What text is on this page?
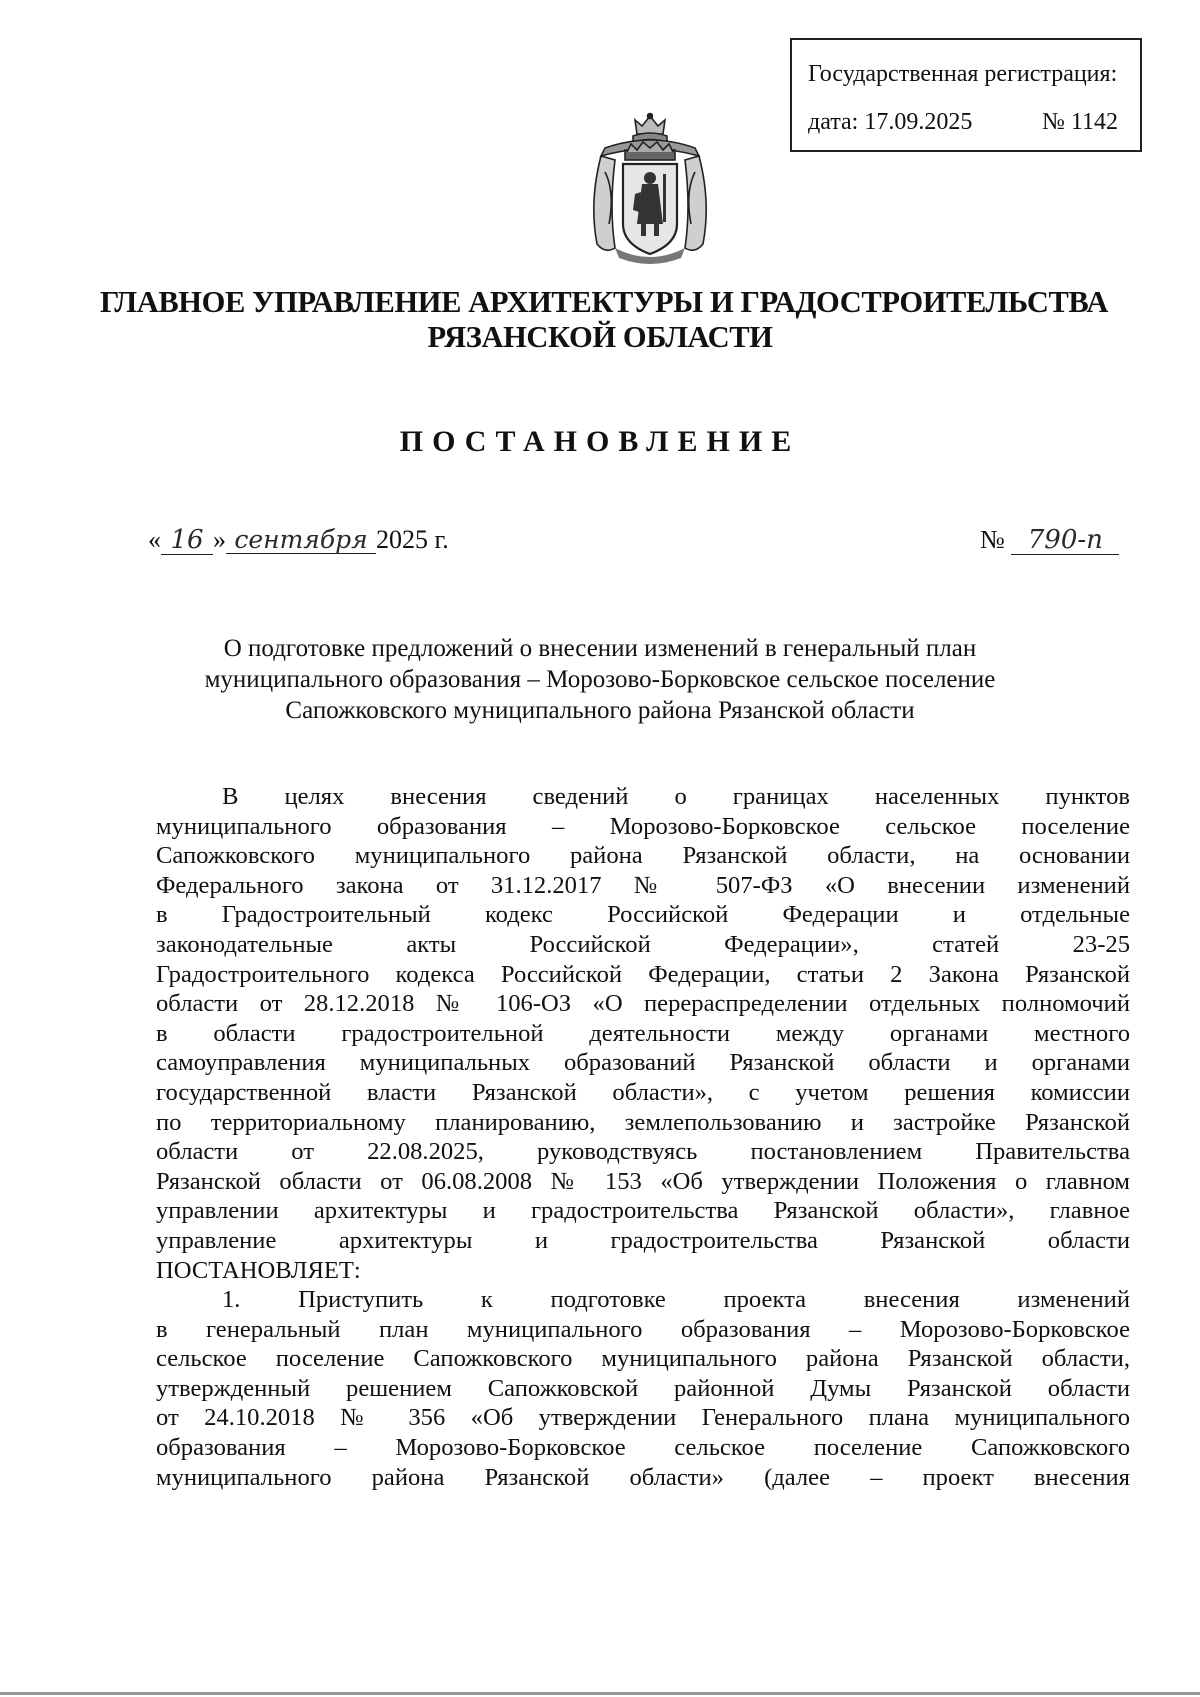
Государственная регистрация:
дата: 17.09.2025	№ 1142
ГЛАВНОЕ УПРАВЛЕНИЕ АРХИТЕКТУРЫ И ГРАДОСТРОИТЕЛЬСТВА
РЯЗАНСКОЙ ОБЛАСТИ
ПОСТАНОВЛЕНИЕ
« 16 » сентября 2025 г.	№ 790-п
О подготовке предложений о внесении изменений в генеральный план
муниципального образования – Морозово-Борковское сельское поселение
Сапожковского муниципального района Рязанской области
В целях внесения сведений о границах населенных пунктов
муниципального образования – Морозово-Борковское сельское поселение
Сапожковского муниципального района Рязанской области, на основании
Федерального закона от 31.12.2017 № 507-ФЗ «О внесении изменений
в Градостроительный кодекс Российской Федерации и отдельные
законодательные акты Российской Федерации», статей 23-25
Градостроительного кодекса Российской Федерации, статьи 2 Закона Рязанской
области от 28.12.2018 № 106-ОЗ «О перераспределении отдельных полномочий
в области градостроительной деятельности между органами местного
самоуправления муниципальных образований Рязанской области и органами
государственной власти Рязанской области», с учетом решения комиссии
по территориальному планированию, землепользованию и застройке Рязанской
области от 22.08.2025, руководствуясь постановлением Правительства
Рязанской области от 06.08.2008 № 153 «Об утверждении Положения о главном
управлении архитектуры и градостроительства Рязанской области», главное
управление архитектуры и градостроительства Рязанской области
ПОСТАНОВЛЯЕТ:
1. Приступить к подготовке проекта внесения изменений
в генеральный план муниципального образования – Морозово-Борковское
сельское поселение Сапожковского муниципального района Рязанской области,
утвержденный решением Сапожковской районной Думы Рязанской области
от 24.10.2018 № 356 «Об утверждении Генерального плана муниципального
образования – Морозово-Борковское сельское поселение Сапожковского
муниципального района Рязанской области» (далее – проект внесения
